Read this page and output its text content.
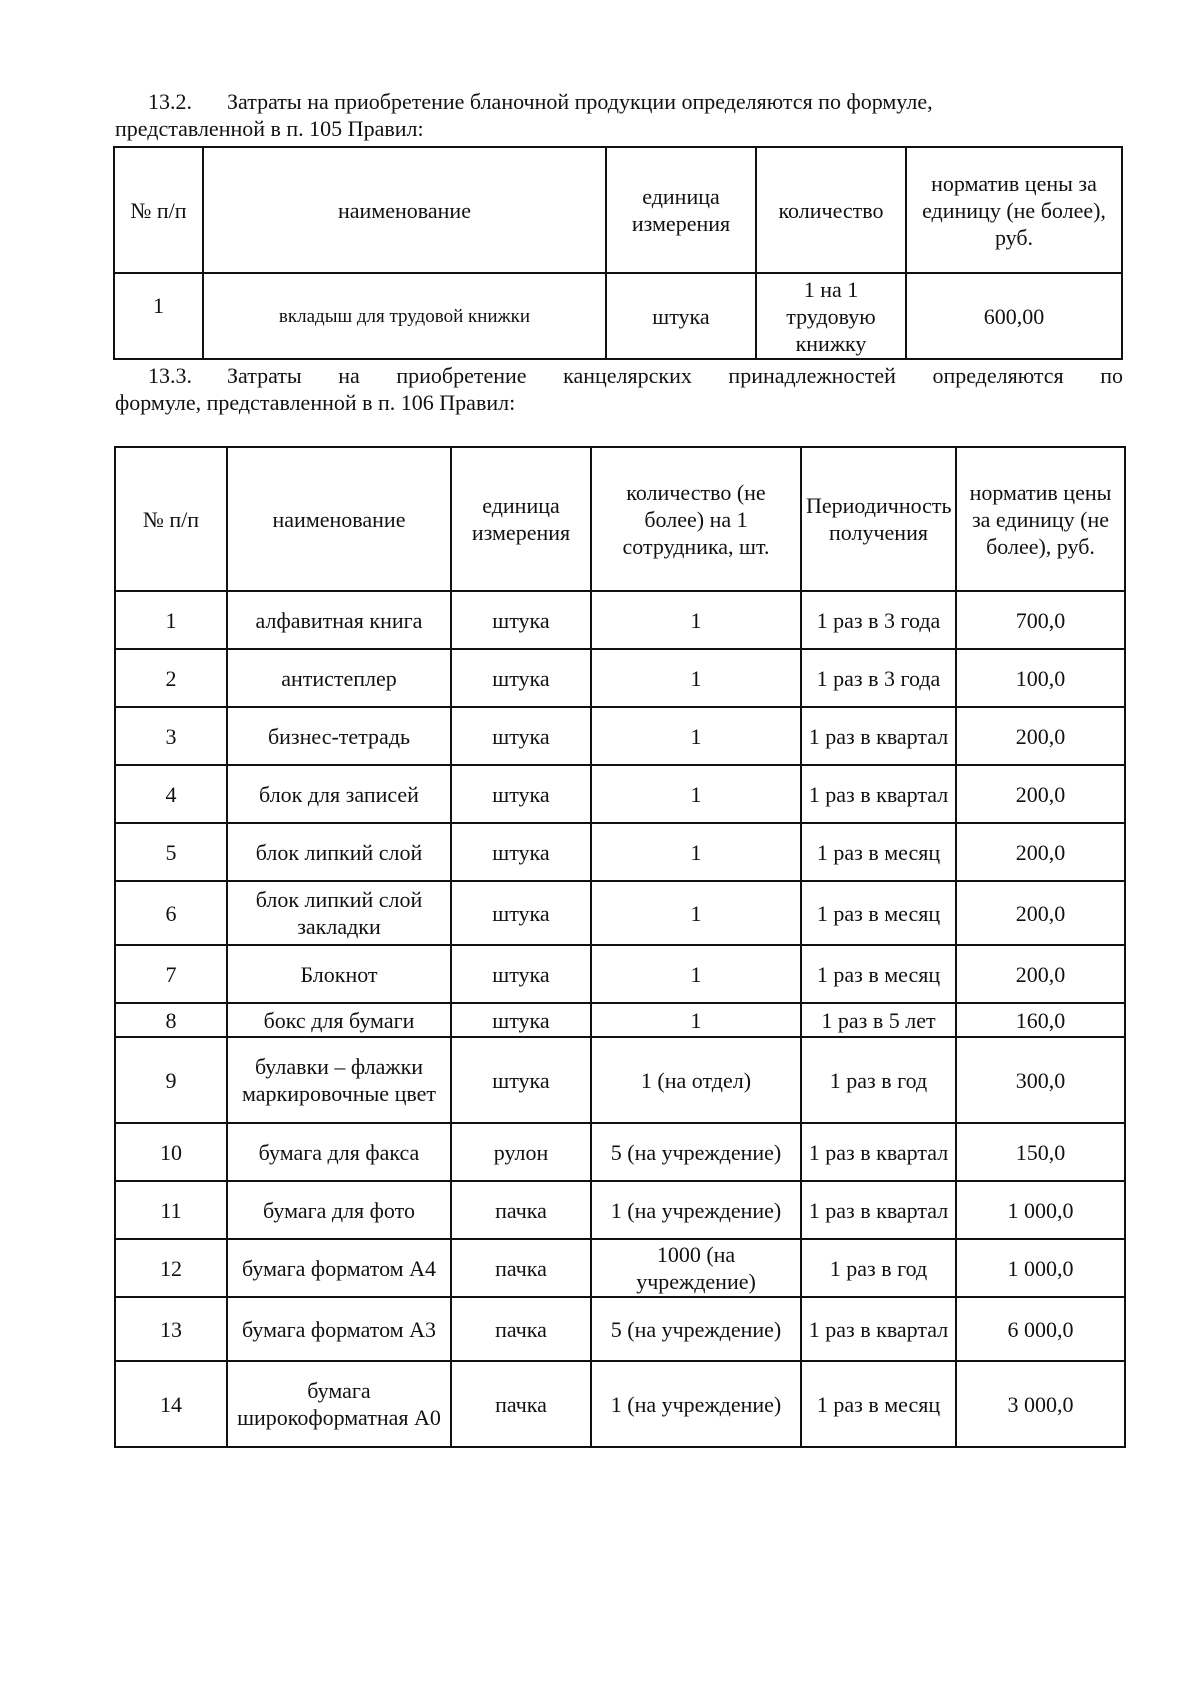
13.2. Затраты на приобретение бланочной продукции определяются по формуле,
представленной в п. 105 Правил:
№ п/п	наименование	единица измерения	количество	норматив цены за единицу (не более), руб.
1	вкладыш для трудовой книжки	штука	1 на 1 трудовую книжку	600,00
13.3. Затраты на приобретение канцелярских принадлежностей определяются по
формуле, представленной в п. 106 Правил:
№ п/п	наименование	единица измерения	количество (не более) на 1 сотрудника, шт.	Периодичность получения	норматив цены за единицу (не более), руб.
1	алфавитная книга	штука	1	1 раз в 3 года	700,0
2	антистеплер	штука	1	1 раз в 3 года	100,0
3	бизнес-тетрадь	штука	1	1 раз в квартал	200,0
4	блок для записей	штука	1	1 раз в квартал	200,0
5	блок липкий слой	штука	1	1 раз в месяц	200,0
6	блок липкий слой закладки	штука	1	1 раз в месяц	200,0
7	Блокнот	штука	1	1 раз в месяц	200,0
8	бокс для бумаги	штука	1	1 раз в 5 лет	160,0
9	булавки – флажки маркировочные цвет	штука	1 (на отдел)	1 раз в год	300,0
10	бумага для факса	рулон	5 (на учреждение)	1 раз в квартал	150,0
11	бумага для фото	пачка	1 (на учреждение)	1 раз в квартал	1 000,0
12	бумага форматом А4	пачка	1000 (на учреждение)	1 раз в год	1 000,0
13	бумага форматом А3	пачка	5 (на учреждение)	1 раз в квартал	6 000,0
14	бумага широкоформатная А0	пачка	1 (на учреждение)	1 раз в месяц	3 000,0
